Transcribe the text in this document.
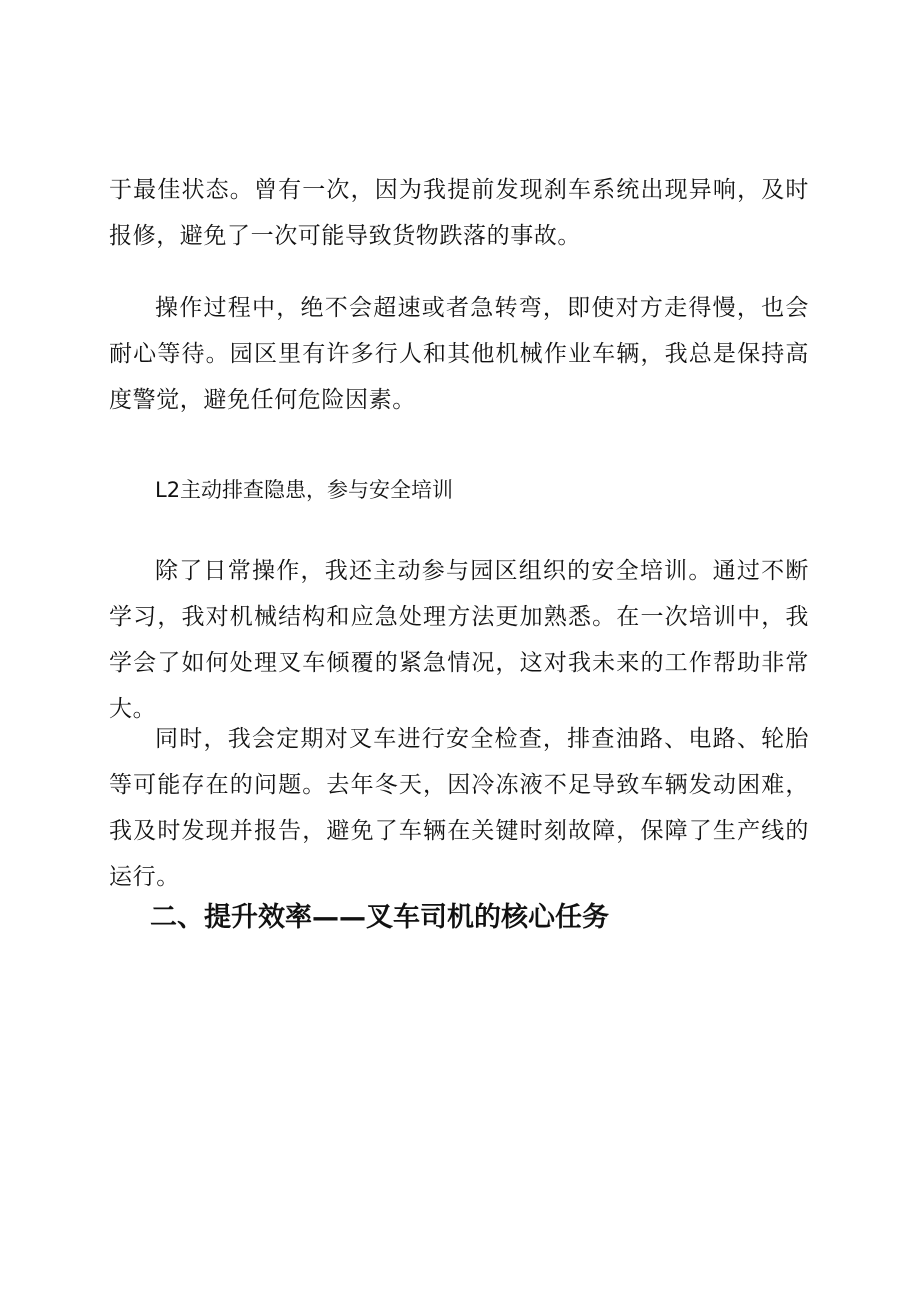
于最佳状态。曾有一次，因为我提前发现刹车系统出现异响，及时报修，避免了一次可能导致货物跌落的事故。

操作过程中，绝不会超速或者急转弯，即使对方走得慢，也会耐心等待。园区里有许多行人和其他机械作业车辆，我总是保持高度警觉，避免任何危险因素。

L2主动排查隐患，参与安全培训

除了日常操作，我还主动参与园区组织的安全培训。通过不断学习，我对机械结构和应急处理方法更加熟悉。在一次培训中，我学会了如何处理叉车倾覆的紧急情况，这对我未来的工作帮助非常大。

同时，我会定期对叉车进行安全检查，排查油路、电路、轮胎等可能存在的问题。去年冬天，因冷冻液不足导致车辆发动困难，我及时发现并报告，避免了车辆在关键时刻故障，保障了生产线的运行。

二、提升效率——叉车司机的核心任务
